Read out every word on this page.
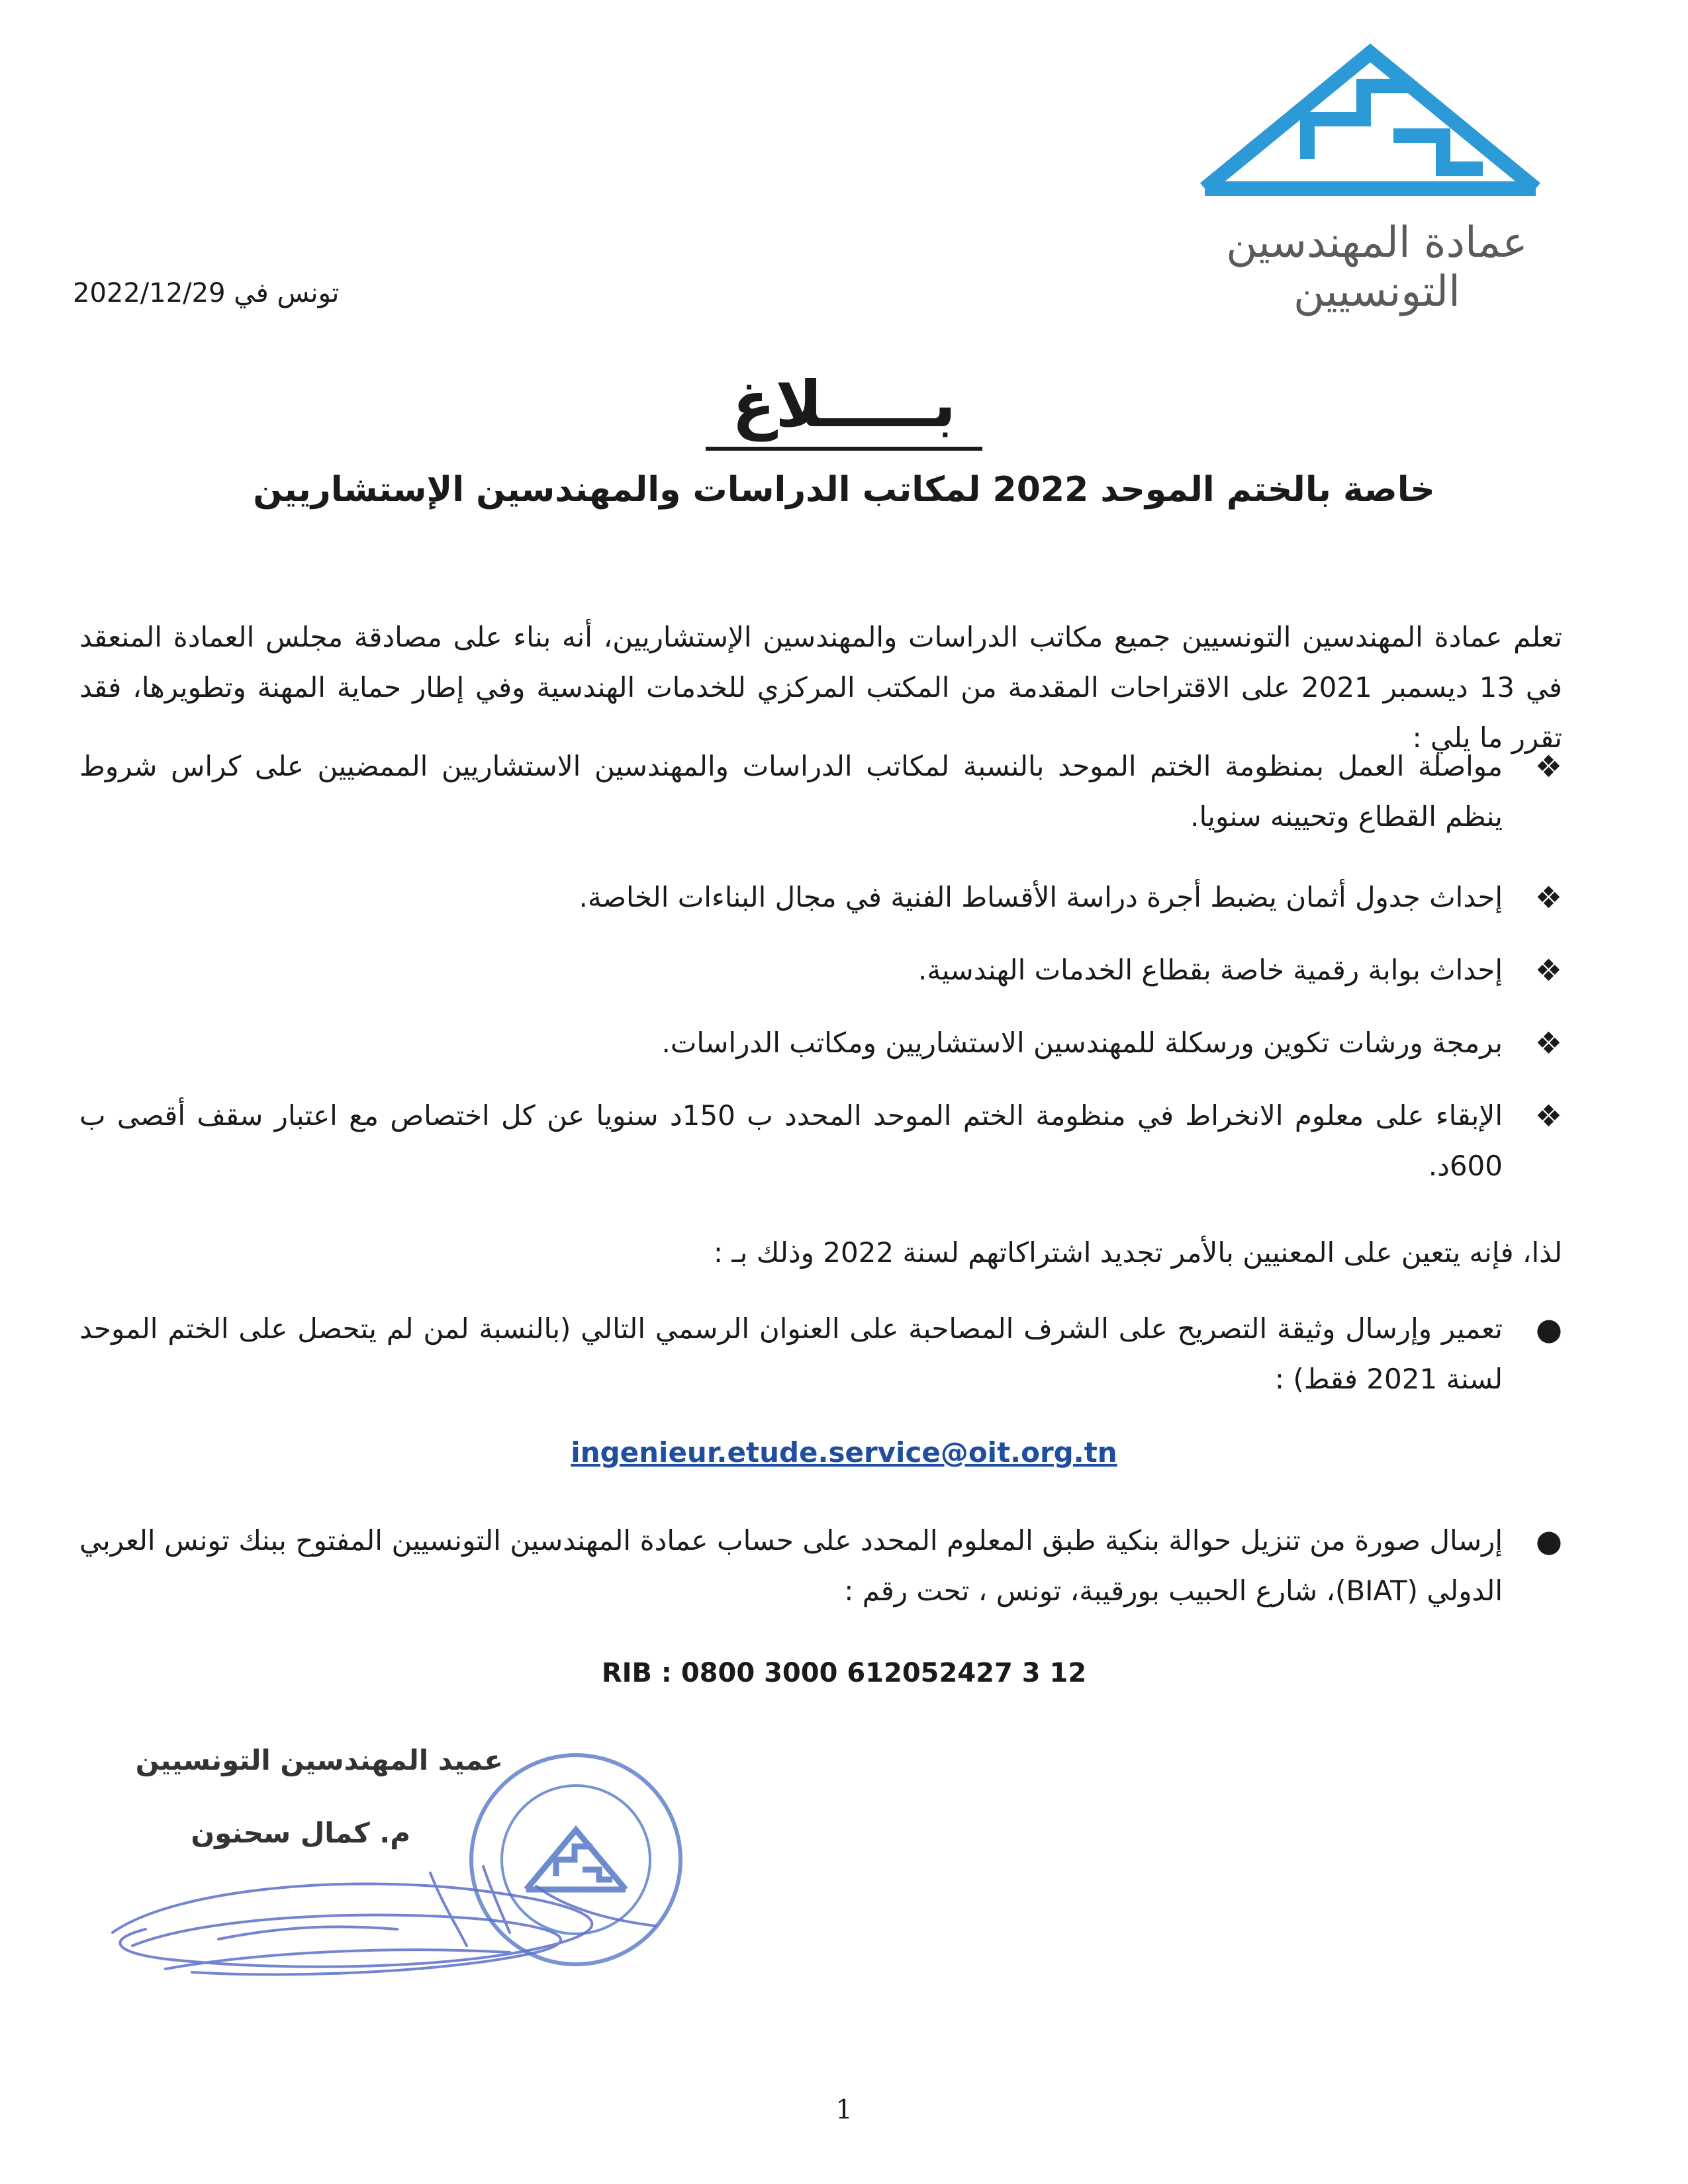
عمادة المهندسين التونسيين
تونس في 2022/12/29
بـــــلاغ
خاصة بالختم الموحد 2022 لمكاتب الدراسات والمهندسين الإستشاريين
تعلم عمادة المهندسين التونسيين جميع مكاتب الدراسات والمهندسين الإستشاريين، أنه بناء على مصادقة مجلس العمادة المنعقد في 13 ديسمبر 2021 على الاقتراحات المقدمة من المكتب المركزي للخدمات الهندسية وفي إطار حماية المهنة وتطويرها، فقد تقرر ما يلي :
❖
مواصلة العمل بمنظومة الختم الموحد بالنسبة لمكاتب الدراسات والمهندسين الاستشاريين الممضيين على كراس شروط ينظم القطاع وتحيينه سنويا.
❖
إحداث جدول أثمان يضبط أجرة دراسة الأقساط الفنية في مجال البناءات الخاصة.
❖
إحداث بوابة رقمية خاصة بقطاع الخدمات الهندسية.
❖
برمجة ورشات تكوين ورسكلة للمهندسين الاستشاريين ومكاتب الدراسات.
❖
الإبقاء على معلوم الانخراط في منظومة الختم الموحد المحدد ب 150د سنويا عن كل اختصاص مع اعتبار سقف أقصى ب 600د.
لذا، فإنه يتعين على المعنيين بالأمر تجديد اشتراكاتهم لسنة 2022 وذلك بـ :
●
تعمير وإرسال وثيقة التصريح على الشرف المصاحبة على العنوان الرسمي التالي (بالنسبة لمن لم يتحصل على الختم الموحد لسنة 2021 فقط) :
ingenieur.etude.service@oit.org.tn
●
إرسال صورة من تنزيل حوالة بنكية طبق المعلوم المحدد على حساب عمادة المهندسين التونسيين المفتوح ببنك تونس العربي الدولي (BIAT)، شارع الحبيب بورقيبة، تونس ، تحت رقم :
RIB : 0800 3000 612052427 3 12
عميد المهندسين التونسيين
م. كمال سحنون
1
